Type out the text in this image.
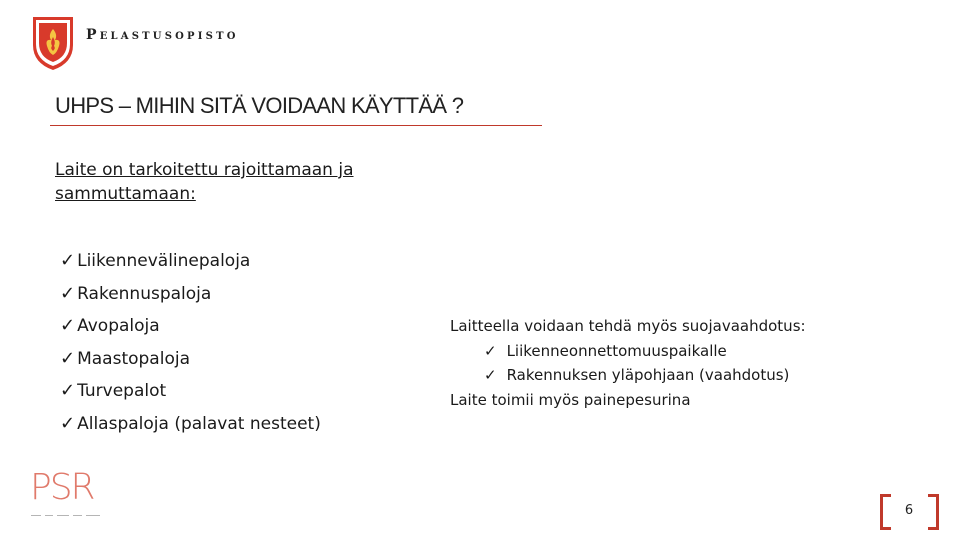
Pelastusopisto
UHPS – MIHIN SITÄ VOIDAAN KÄYTTÄÄ ?
Laite on tarkoitettu rajoittamaan ja sammuttamaan:
✓ Liikennevälinepaloja
✓ Rakennuspaloja
✓ Avopaloja
✓ Maastopaloja
✓ Turvepalot
✓ Allaspaloja (palavat nesteet)
Laitteella voidaan tehdä myös suojavaahdotus:
✓ Liikenneonnettomuuspaikalle
✓ Rakennuksen yläpohjaan (vaahdotus)
Laite toimii myös painepesurina
PSR
6
